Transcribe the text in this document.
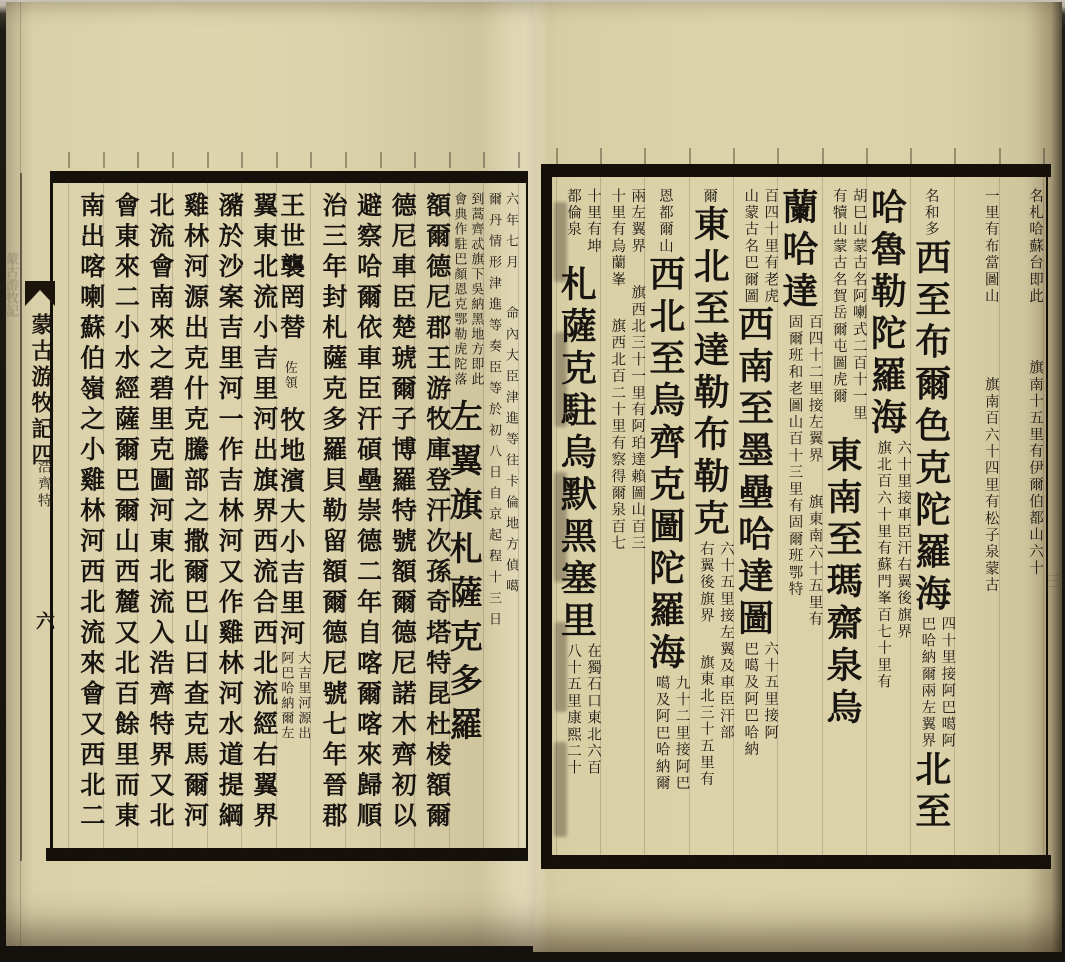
蒙古游牧記四
浩齊特
六
蒙古游牧記
六年七月命內大臣津進等往卡倫地方偵噶
爾丹情形津進等奏臣等於初八日自京起程十三日
到蒿齊忒旗下吳納黑地方即此
會典作駐巴顏恩克鄂勒虎陀落
左翼旗札薩克多羅
額爾德尼郡王游牧庫登汗次孫奇塔特昆杜棱額爾
德尼車臣楚琥爾子博羅特號額爾德尼諾木齊初以
避察哈爾依車臣汗碩壘崇德二年自喀爾喀來歸順
治三年封札薩克多羅貝勒留額爾德尼號七年晉郡
王世襲罔替佐領牧地濱大小吉里河
大吉里河源出
阿巴哈納爾左
翼東北流小吉里河出旗界西流合西北流經右翼界
瀦於沙案吉里河一作吉林河又作雞林河水道提綱
雞林河源出克什克騰部之撒爾巴山曰查克馬爾河
北流會南來之碧里克圖河東北流入浩齊特界又北
會東來二小水經薩爾巴爾山西麓又北百餘里而東
南出喀喇蘇伯嶺之小雞林河西北流來會又西北二	名札哈蘇台即此旗南十五里有伊爾伯都山六十
一里有布當圖山旗南百六十四里有松子泉蒙古
名和多西至布爾色克陀羅海
四十里接阿巴噶阿
巴哈納爾兩左翼界
北至
哈魯勒陀羅海
六十里接車臣汗右翼後旗界
旗北百六十里有蘇門峯百七十里有
胡巳山蒙古名阿喇式二百十一里
有犢山蒙古名賀岳爾屯圖虎爾
東南至瑪齋泉烏
蘭哈達
百四十二里接左翼界旗東南六十五里有
固爾班和老圖山百十三里有固爾班鄂特
百四十里有老虎
山蒙古名巴爾圖
西南至墨壘哈達圖
六十五里接阿
巴噶及阿巴哈納
爾東北至達勒布勒克
六十五里接左翼及車臣汗部
右翼後旗界旗東北三十五里有
恩都爾山西北至烏齊克圖陀羅海
九十二里接阿巴
噶及阿巴哈納爾
兩左翼界旗西北三十一里有阿珀達賴圖山百三
十里有烏蘭峯旗西北百二十里有察得爾泉百七
十里有坤
都倫泉
札薩克駐烏默黑塞里
在獨石口東北六百
八十五里康熙二十
三
